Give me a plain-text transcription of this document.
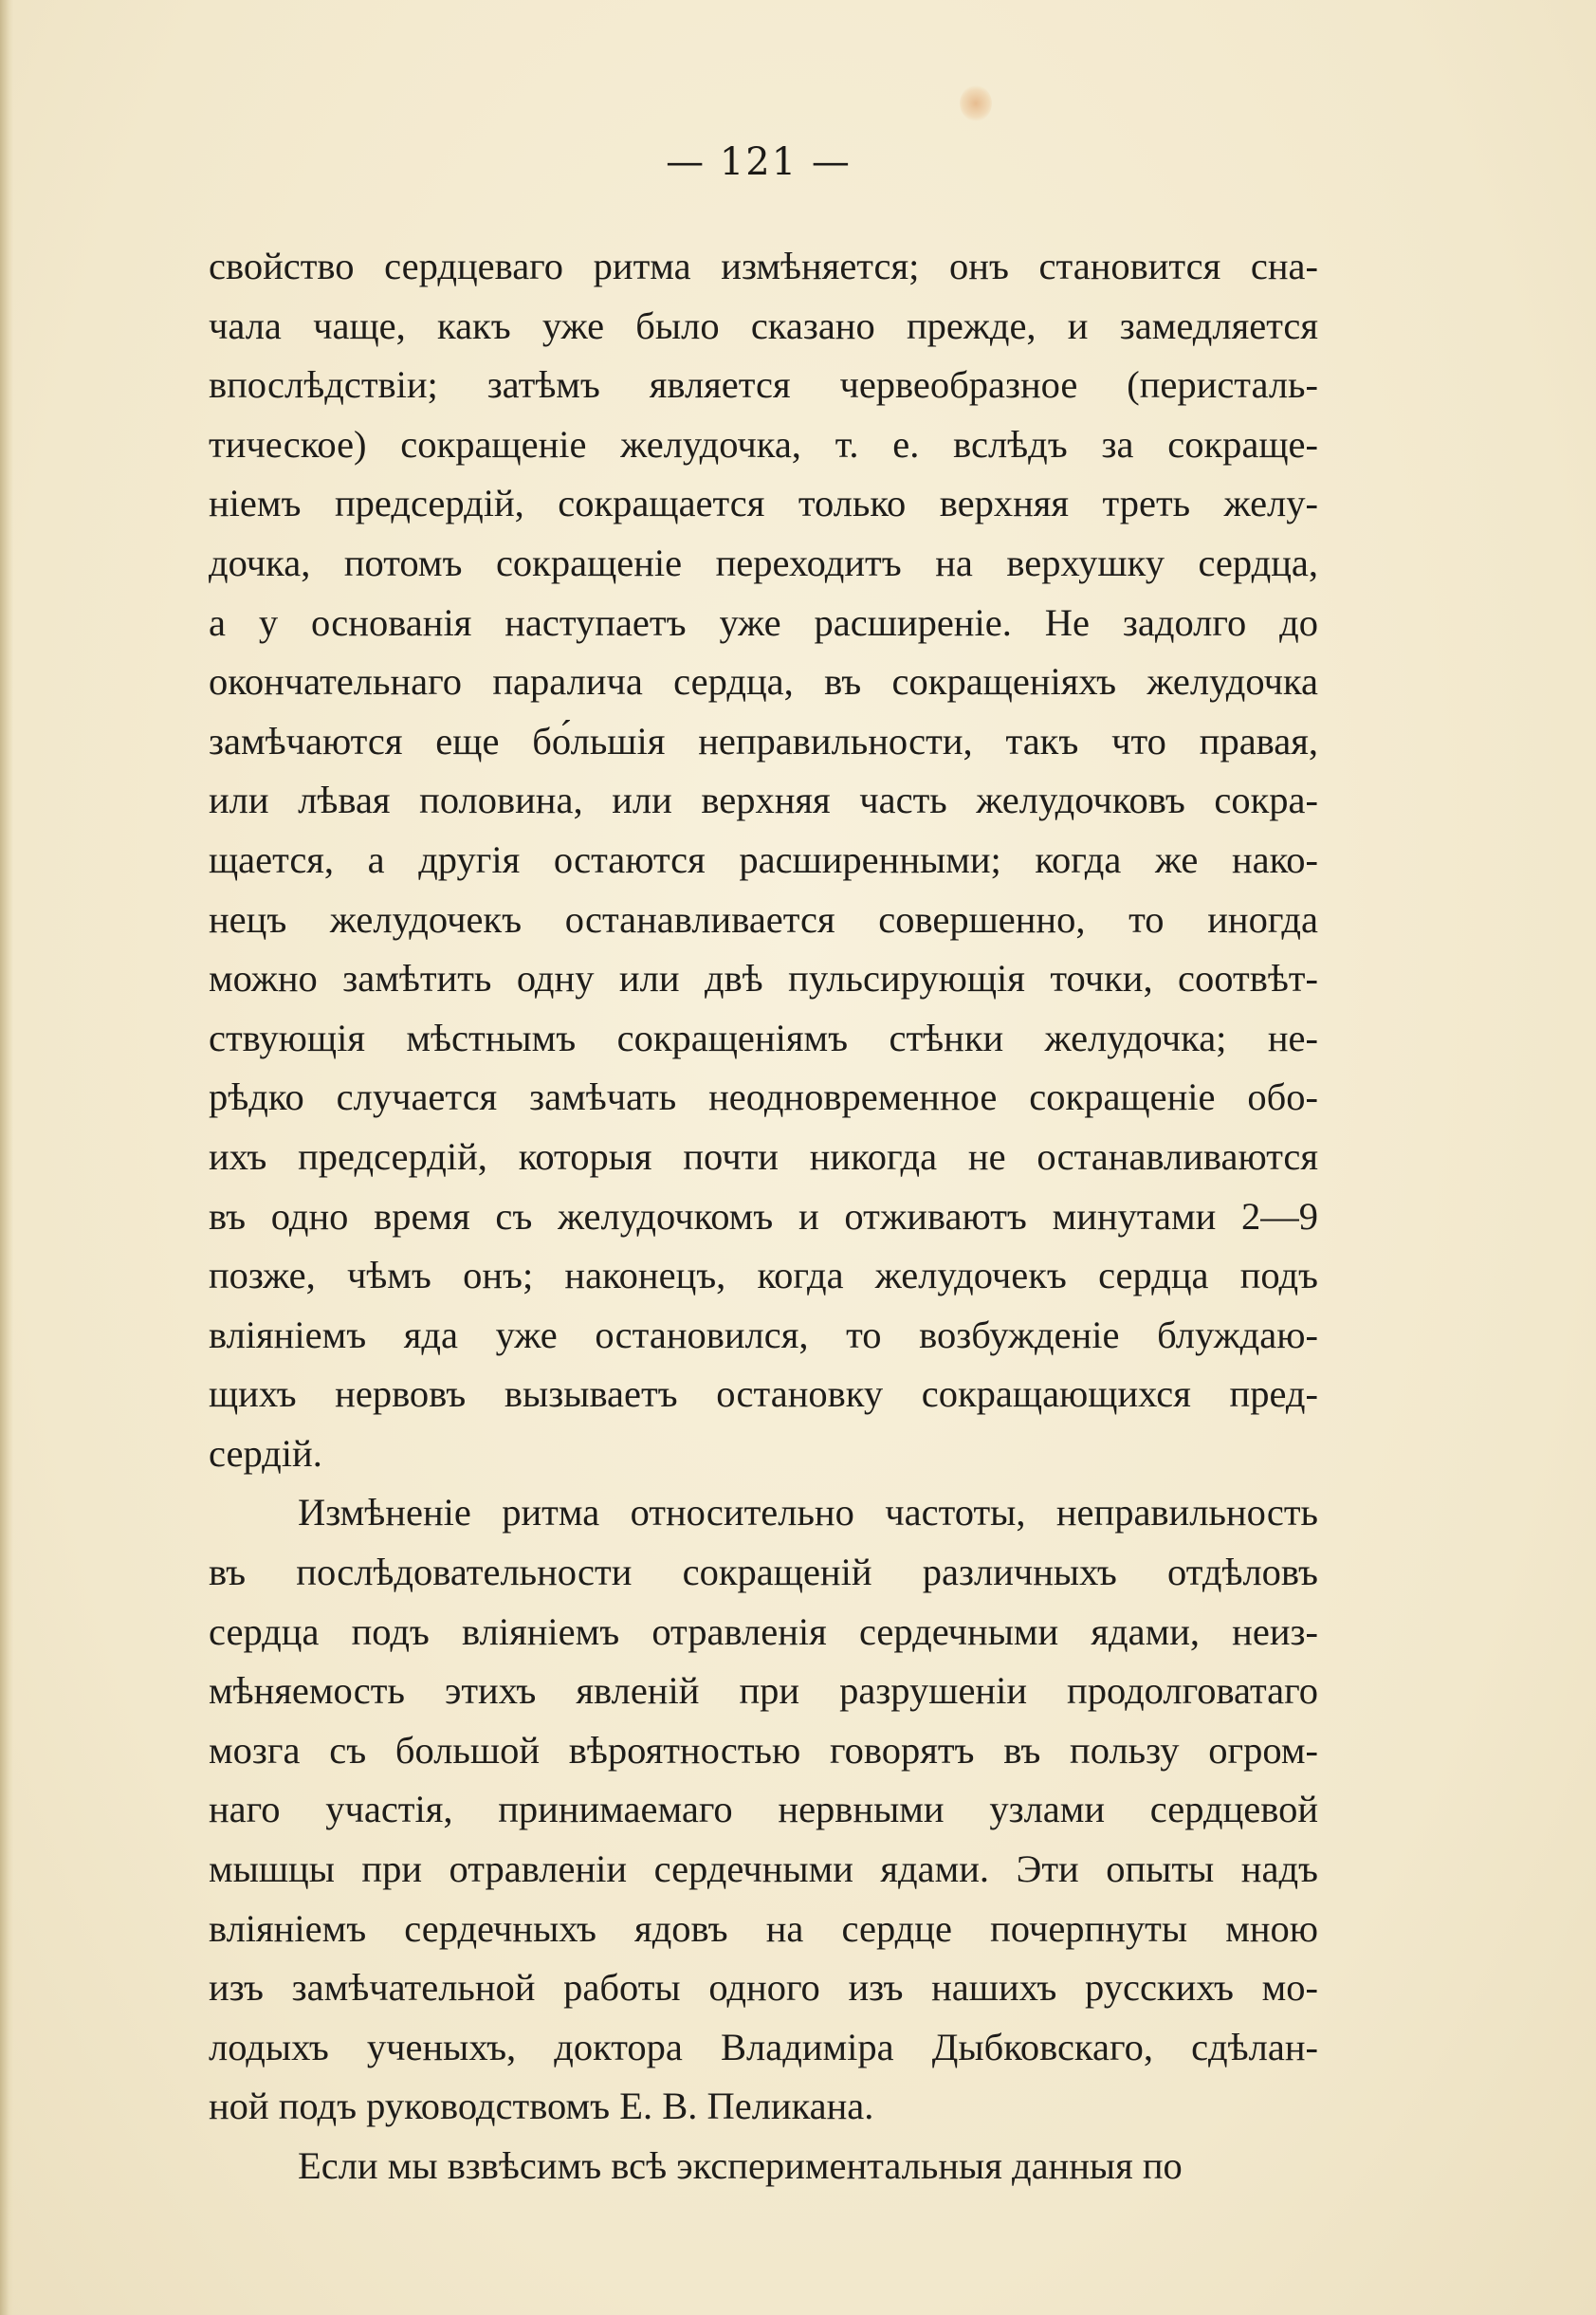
— 121 —
свойство сердцеваго ритма измѣняется; онъ становится сна-
чала чаще, какъ уже было сказано прежде, и замедляется
впослѣдствіи; затѣмъ является червеобразное (перисталь-
тическое) сокращеніе желудочка, т. е. вслѣдъ за сокраще-
ніемъ предсердій, сокращается только верхняя треть желу-
дочка, потомъ сокращеніе переходитъ на верхушку сердца,
а у основанія наступаетъ уже расширеніе. Не задолго до
окончательнаго паралича сердца, въ сокращеніяхъ желудочка
замѣчаются еще бо́льшія неправильности, такъ что правая,
или лѣвая половина, или верхняя часть желудочковъ сокра-
щается, а другія остаются расширенными; когда же нако-
нецъ желудочекъ останавливается совершенно, то иногда
можно замѣтить одну или двѣ пульсирующія точки, соотвѣт-
ствующія мѣстнымъ сокращеніямъ стѣнки желудочка; не-
рѣдко случается замѣчать неодновременное сокращеніе обо-
ихъ предсердій, которыя почти никогда не останавливаются
въ одно время съ желудочкомъ и отживаютъ минутами 2—9
позже, чѣмъ онъ; наконецъ, когда желудочекъ сердца подъ
вліяніемъ яда уже остановился, то возбужденіе блуждаю-
щихъ нервовъ вызываетъ остановку сокращающихся пред-
сердій.
Измѣненіе ритма относительно частоты, неправильность
въ послѣдовательности сокращеній различныхъ отдѣловъ
сердца подъ вліяніемъ отравленія сердечными ядами, неиз-
мѣняемость этихъ явленій при разрушеніи продолговатаго
мозга съ большой вѣроятностью говорятъ въ пользу огром-
наго участія, принимаемаго нервными узлами сердцевой
мышцы при отравленіи сердечными ядами. Эти опыты надъ
вліяніемъ сердечныхъ ядовъ на сердце почерпнуты мною
изъ замѣчательной работы одного изъ нашихъ русскихъ мо-
лодыхъ ученыхъ, доктора Владиміра Дыбковскаго, сдѣлан-
ной подъ руководствомъ Е. В. Пеликана.
Если мы взвѣсимъ всѣ экспериментальныя данныя по
